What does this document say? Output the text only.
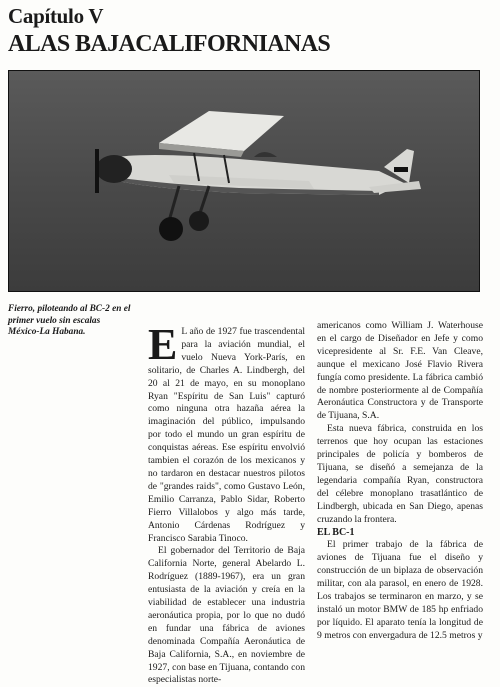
Capítulo V
ALAS BAJACALIFORNIANAS
Fierro, piloteando al BC-2 en el primer vuelo sin escalas México-La Habana.	E L año de 1927 fue trascendental para la aviación mundial, el vuelo Nueva York-París, en solitario, de Charles A. Lindbergh, del 20 al 21 de mayo, en su monoplano Ryan "Espíritu de San Luis" capturó como ninguna otra hazaña aérea la imaginación del público, impulsando por todo el mundo un gran espíritu de conquistas aéreas. Ese espíritu envolvió tambien el corazón de los mexicanos y no tardaron en destacar nuestros pilotos de "grandes raids", como Gustavo León, Emilio Carranza, Pablo Sidar, Roberto Fierro Villalobos y algo más tarde, Antonio Cárdenas Rodríguez y Francisco Sarabia Tinoco.

El gobernador del Territorio de Baja California Norte, general Abelardo L. Rodríguez (1889-1967), era un gran entusiasta de la aviación y creía en la viabilidad de establecer una industria aeronáutica propia, por lo que no dudó en fundar una fábrica de aviones denominada Compañía Aeronáutica de Baja California, S.A., en noviembre de 1927, con base en Tijuana, contando con especialistas norte-

americanos como William J. Waterhouse en el cargo de Diseñador en Jefe y como vicepresidente al Sr. F.E. Van Cleave, aunque el mexicano José Flavio Rivera fungía como presidente. La fábrica cambió de nombre posteriormente al de Compañía Aeronáutica Constructora y de Transporte de Tijuana, S.A.

Esta nueva fábrica, construida en los terrenos que hoy ocupan las estaciones principales de policía y bomberos de Tijuana, se diseñó a semejanza de la legendaria compañía Ryan, constructora del célebre monoplano trasatlántico de Lindbergh, ubicada en San Diego, apenas cruzando la frontera.

EL BC-1

El primer trabajo de la fábrica de aviones de Tijuana fue el diseño y construcción de un biplaza de observación militar, con ala parasol, en enero de 1928. Los trabajos se terminaron en marzo, y se instaló un motor BMW de 185 hp enfriado por líquido. El aparato tenía la longitud de 9 metros con envergadura de 12.5 metros y
